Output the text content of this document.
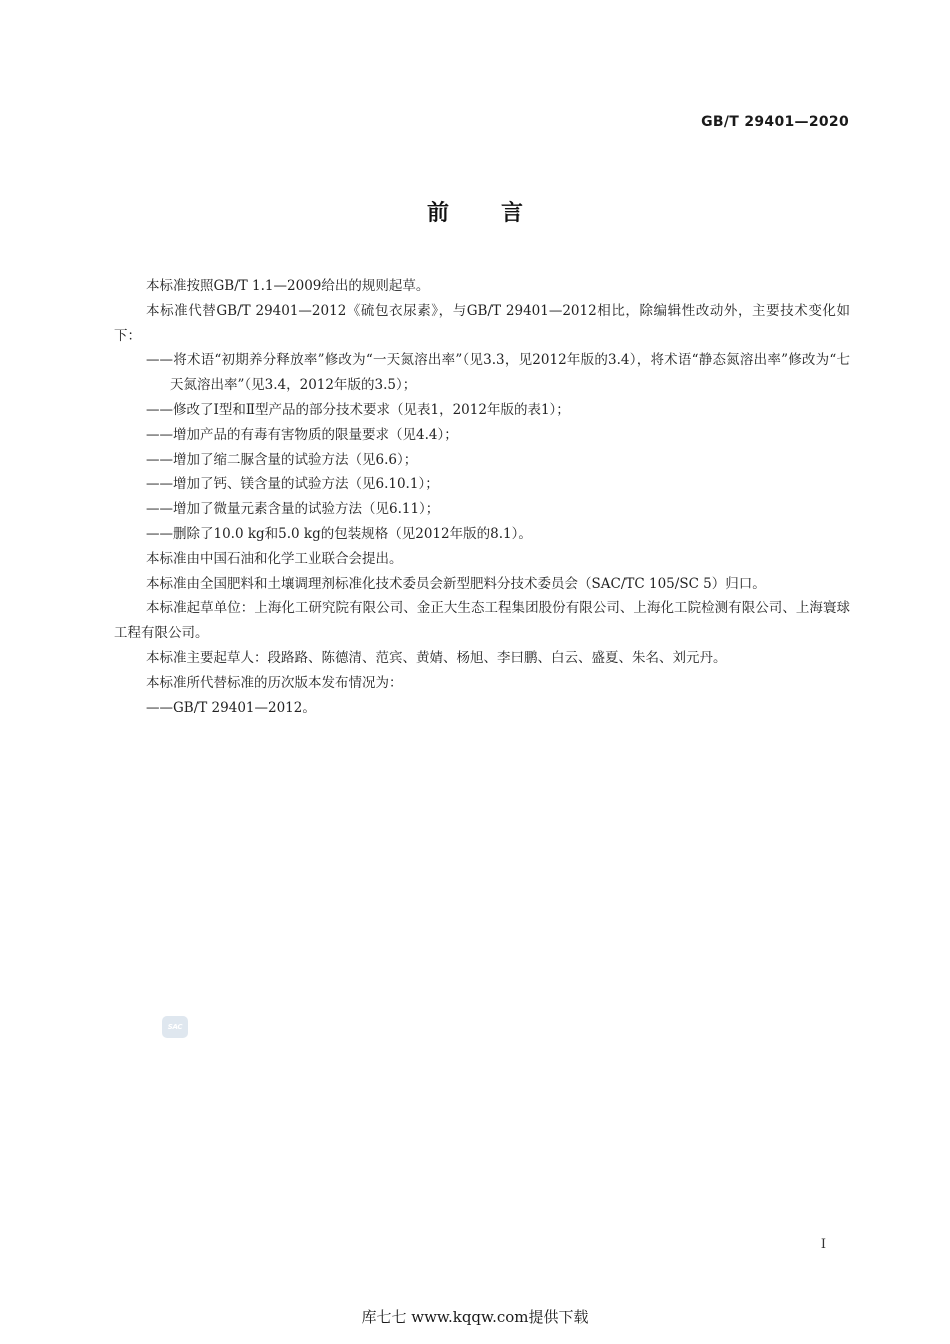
GB/T 29401—2020
前言

本标准按照GB/T 1.1—2009给出的规则起草。

本标准代替GB/T 29401—2012《硫包衣尿素》，与GB/T 29401—2012相比，除编辑性改动外，主要技术变化如下：

——将术语“初期养分释放率”修改为“一天氮溶出率”（见3.3，见2012年版的3.4），将术语“静态氮溶出率”修改为“七天氮溶出率”（见3.4，2012年版的3.5）；

——修改了Ⅰ型和Ⅱ型产品的部分技术要求（见表1，2012年版的表1）；

——增加产品的有毒有害物质的限量要求（见4.4）；

——增加了缩二脲含量的试验方法（见6.6）；

——增加了钙、镁含量的试验方法（见6.10.1）；

——增加了微量元素含量的试验方法（见6.11）；

——删除了10.0 kg和5.0 kg的包装规格（见2012年版的8.1）。

本标准由中国石油和化学工业联合会提出。

本标准由全国肥料和土壤调理剂标准化技术委员会新型肥料分技术委员会（SAC/TC 105/SC 5）归口。

本标准起草单位：上海化工研究院有限公司、金正大生态工程集团股份有限公司、上海化工院检测有限公司、上海寰球工程有限公司。

本标准主要起草人：段路路、陈德清、范宾、黄婧、杨旭、李曰鹏、白云、盛夏、朱名、刘元丹。

本标准所代替标准的历次版本发布情况为：

——GB/T 29401—2012。

SAC
I
库七七 www.kqqw.com提供下载
